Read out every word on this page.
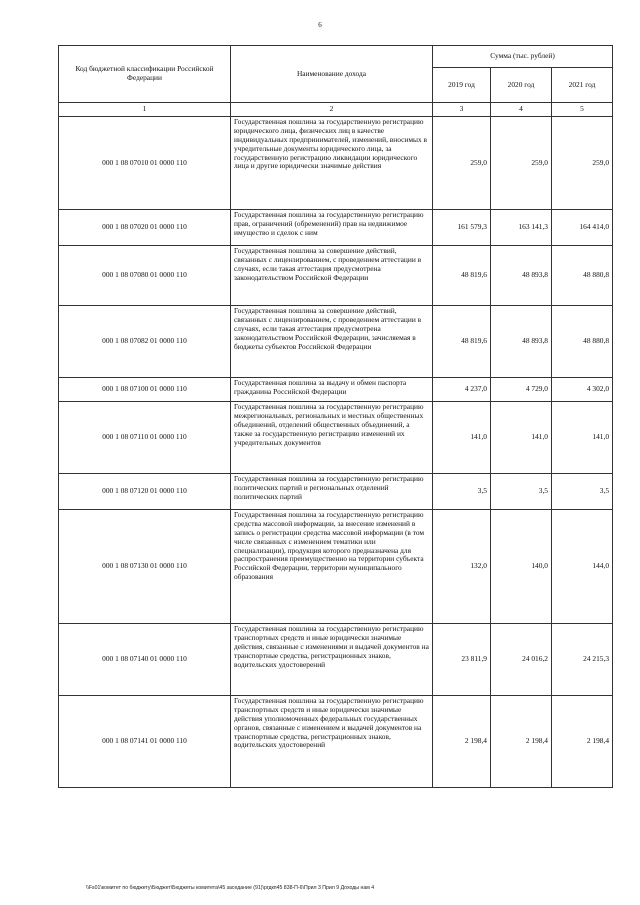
6
Код бюджетной классификации Российской Федерации	Наименование дохода	Сумма (тыс. рублей)		
		2019 год	2020 год	2021 год
1	2	3	4	5
000 1 08 07010 01 0000 110	Государственная пошлина за государственную регистрацию юридического лица, физических лиц в качестве индивидуальных предпринимателей, изменений, вносимых в учредительные документы юридического лица, за государственную регистрацию ликвидации юридического лица и другие юридически значимые действия	259,0	259,0	259,0
000 1 08 07020 01 0000 110	Государственная пошлина за государственную регистрацию прав, ограничений (обременений) прав на недвижимое имущество и сделок с ним	161 579,3	163 141,3	164 414,0
000 1 08 07080 01 0000 110	Государственная пошлина за совершение действий, связанных с лицензированием, с проведением аттестации в случаях, если такая аттестация предусмотрена законодательством Российской Федерации	48 819,6	48 893,8	48 880,8
000 1 08 07082 01 0000 110	Государственная пошлина за совершение действий, связанных с лицензированием, с проведением аттестации в случаях, если такая аттестация предусмотрена законодательством Российской Федерации, зачисляемая в бюджеты субъектов Российской Федерации	48 819,6	48 893,8	48 880,8
000 1 08 07100 01 0000 110	Государственная пошлина за выдачу и обмен паспорта гражданина Российской Федерации	4 237,0	4 729,0	4 302,0
000 1 08 07110 01 0000 110	Государственная пошлина за государственную регистрацию межрегиональных, региональных и местных общественных объединений, отделений общественных объединений, а также за государственную регистрацию изменений их учредительных документов	141,0	141,0	141,0
000 1 08 07120 01 0000 110	Государственная пошлина за государственную регистрацию политических партий и региональных отделений политических партий	3,5	3,5	3,5
000 1 08 07130 01 0000 110	Государственная пошлина за государственную регистрацию средства массовой информации, за внесение изменений в запись о регистрации средства массовой информации (в том числе связанных с изменением тематики или специализации), продукция которого предназначена для распространения преимущественно на территории субъекта Российской Федерации, территории муниципального образования	132,0	140,0	144,0
000 1 08 07140 01 0000 110	Государственная пошлина за государственную регистрацию транспортных средств и иные юридически значимые действия, связанные с изменениями и выдачей документов на транспортные средства, регистрационных знаков, водительских удостоверений	23 811,9	24 016,2	24 215,3
000 1 08 07141 01 0000 110	Государственная пошлина за государственную регистрацию транспортных средств и иные юридически значимые действия уполномоченных федеральных государственных органов, связанные с изменением и выдачей документов на транспортные средства, регистрационных знаков, водительских удостоверений	2 198,4	2 198,4	2 198,4
\\Fs01\комитет по бюджету\Бюджет\Бюджеты комитета\45 заседание (91)\ргдкп45 838-П-6\Прил 3 Прил 9 Доходы нам 4
